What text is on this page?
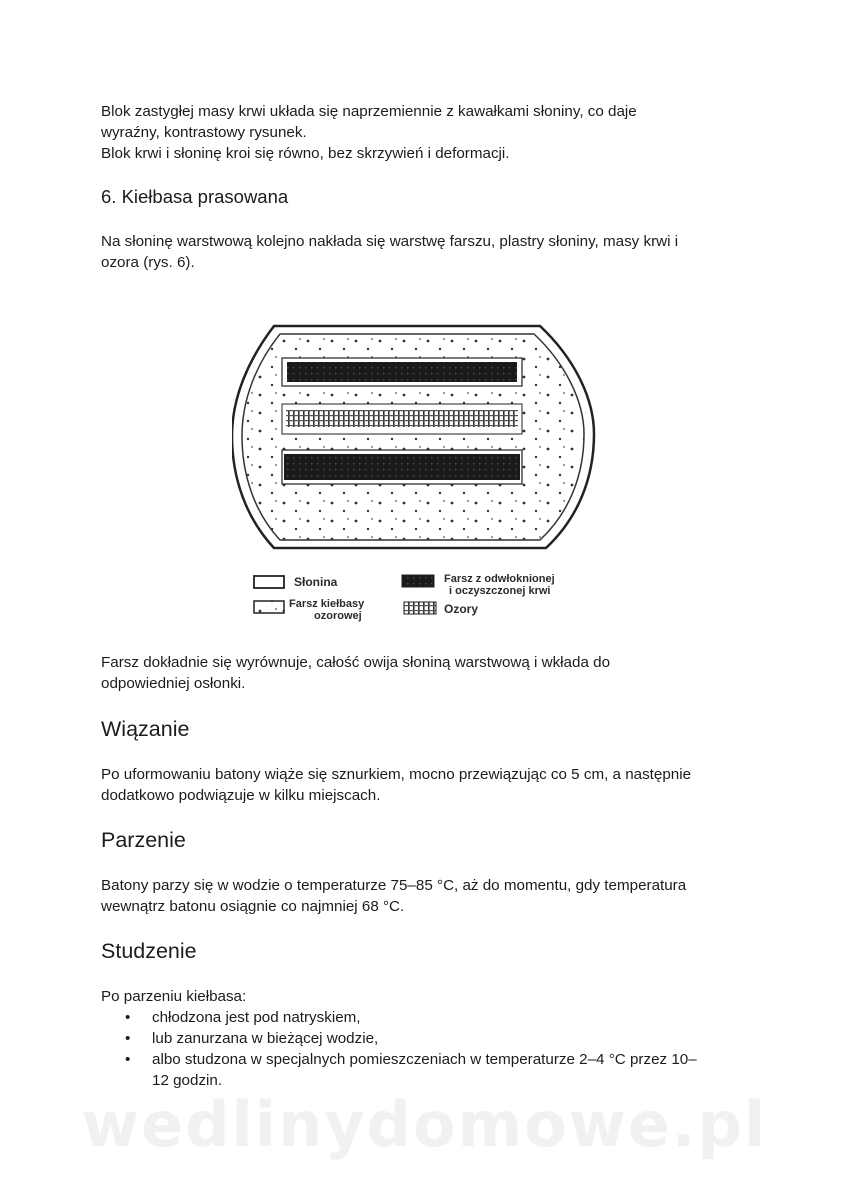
Blok zastygłej masy krwi układa się naprzemiennie z kawałkami słoniny, co daje

wyraźny, kontrastowy rysunek.

Blok krwi i słoninę kroi się równo, bez skrzywień i deformacji.

6. Kiełbasa prasowana

Na słoninę warstwową kolejno nakłada się warstwę farszu, plastry słoniny, masy krwi i

ozora (rys. 6).

Farsz dokładnie się wyrównuje, całość owija słoniną warstwową i wkłada do

odpowiedniej osłonki.

Wiązanie

Po uformowaniu batony wiąże się sznurkiem, mocno przewiązując co 5 cm, a następnie

dodatkowo podwiązuje w kilku miejscach.

Parzenie

Batony parzy się w wodzie o temperaturze 75–85 °C, aż do momentu, gdy temperatura

wewnątrz batonu osiągnie co najmniej 68 °C.

Studzenie

Po parzeniu kiełbasa:

• chłodzona jest pod natryskiem,
• lub zanurzana w bieżącej wodzie,
• albo studzona w specjalnych pomieszczeniach w temperaturze 2–4 °C przez 10–
12 godzin.
Słonina	Farsz z odwłoknionej
i oczyszczonej krwi
Farsz kiełbasy
ozorowej	Ozory
wedlinydomowe.pl
